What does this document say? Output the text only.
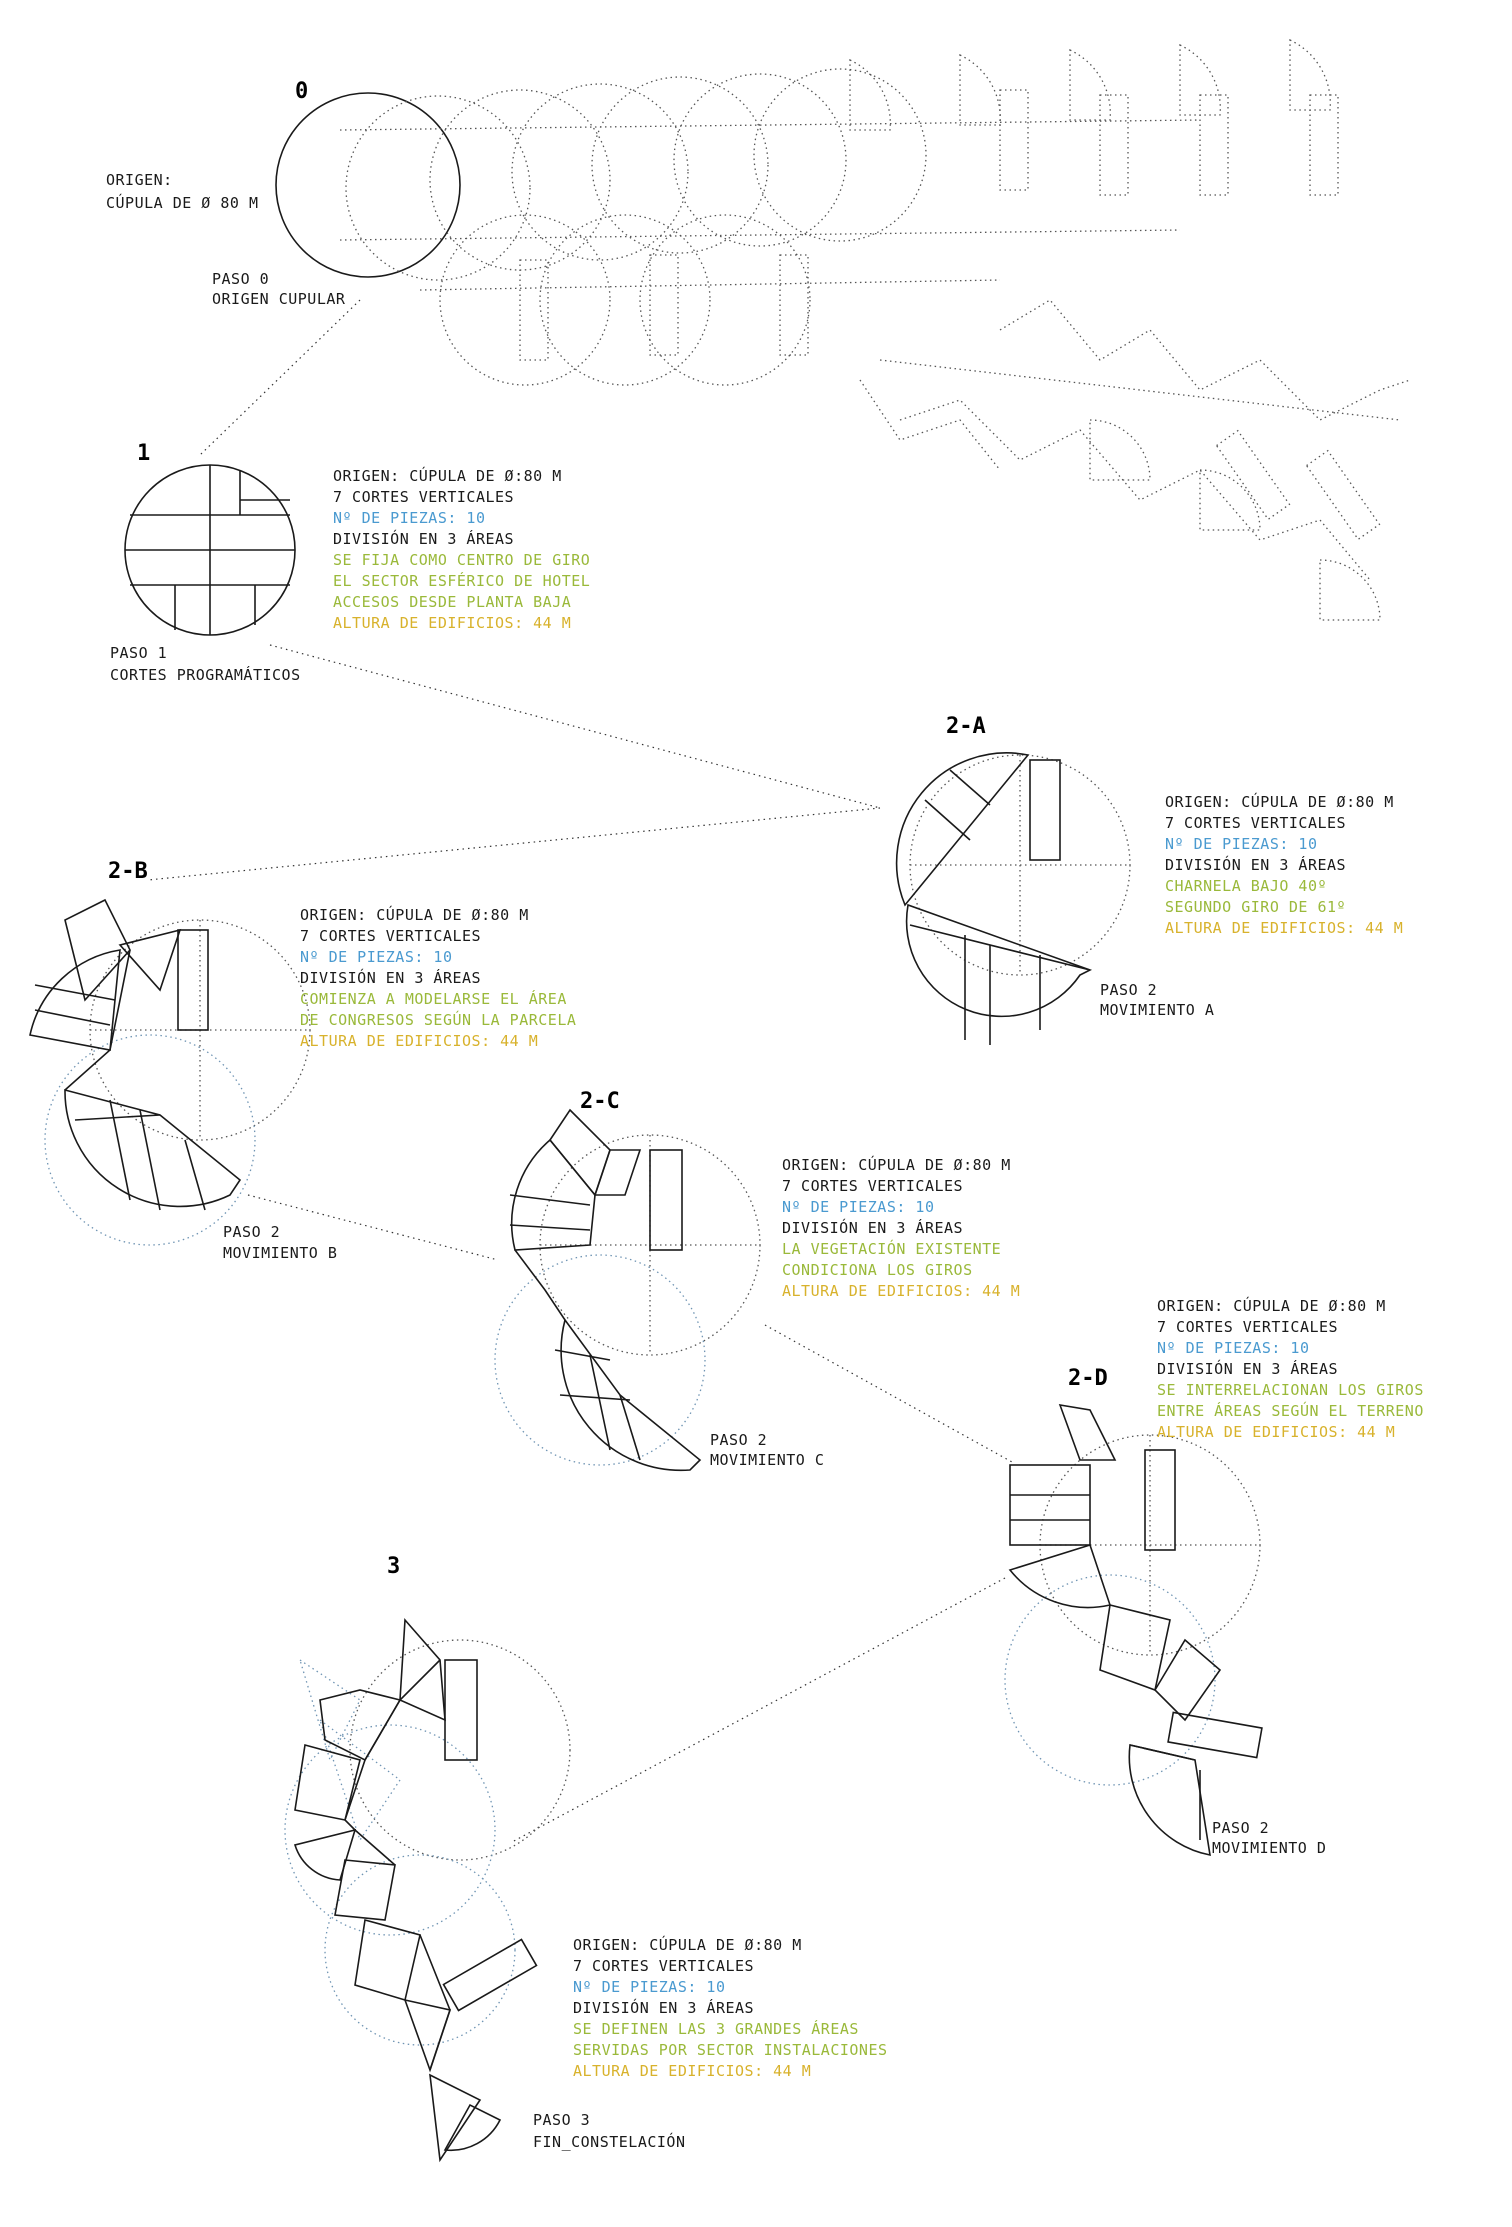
0
ORIGEN:
CÚPULA DE Ø 80 M
PASO 0
ORIGEN CUPULAR
1
ORIGEN: CÚPULA DE Ø:80 M
7 CORTES VERTICALES
Nº DE PIEZAS: 10
DIVISIÓN EN 3 ÁREAS
SE FIJA COMO CENTRO DE GIRO
EL SECTOR ESFÉRICO DE HOTEL
ACCESOS DESDE PLANTA BAJA
ALTURA DE EDIFICIOS: 44 M
PASO 1
CORTES PROGRAMÁTICOS
2-A
ORIGEN: CÚPULA DE Ø:80 M
7 CORTES VERTICALES
Nº DE PIEZAS: 10
DIVISIÓN EN 3 ÁREAS
CHARNELA BAJO 40º
SEGUNDO GIRO DE 61º
ALTURA DE EDIFICIOS: 44 M
PASO 2
MOVIMIENTO A
2-B
ORIGEN: CÚPULA DE Ø:80 M
7 CORTES VERTICALES
Nº DE PIEZAS: 10
DIVISIÓN EN 3 ÁREAS
COMIENZA A MODELARSE EL ÁREA
DE CONGRESOS SEGÚN LA PARCELA
ALTURA DE EDIFICIOS: 44 M
PASO 2
MOVIMIENTO B
2-C
ORIGEN: CÚPULA DE Ø:80 M
7 CORTES VERTICALES
Nº DE PIEZAS: 10
DIVISIÓN EN 3 ÁREAS
LA VEGETACIÓN EXISTENTE
CONDICIONA LOS GIROS
ALTURA DE EDIFICIOS: 44 M
PASO 2
MOVIMIENTO C
2-D
ORIGEN: CÚPULA DE Ø:80 M
7 CORTES VERTICALES
Nº DE PIEZAS: 10
DIVISIÓN EN 3 ÁREAS
SE INTERRELACIONAN LOS GIROS
ENTRE ÁREAS SEGÚN EL TERRENO
ALTURA DE EDIFICIOS: 44 M
PASO 2
MOVIMIENTO D
3
ORIGEN: CÚPULA DE Ø:80 M
7 CORTES VERTICALES
Nº DE PIEZAS: 10
DIVISIÓN EN 3 ÁREAS
SE DEFINEN LAS 3 GRANDES ÁREAS
SERVIDAS POR SECTOR INSTALACIONES
ALTURA DE EDIFICIOS: 44 M
PASO 3
FIN_CONSTELACIÓN
